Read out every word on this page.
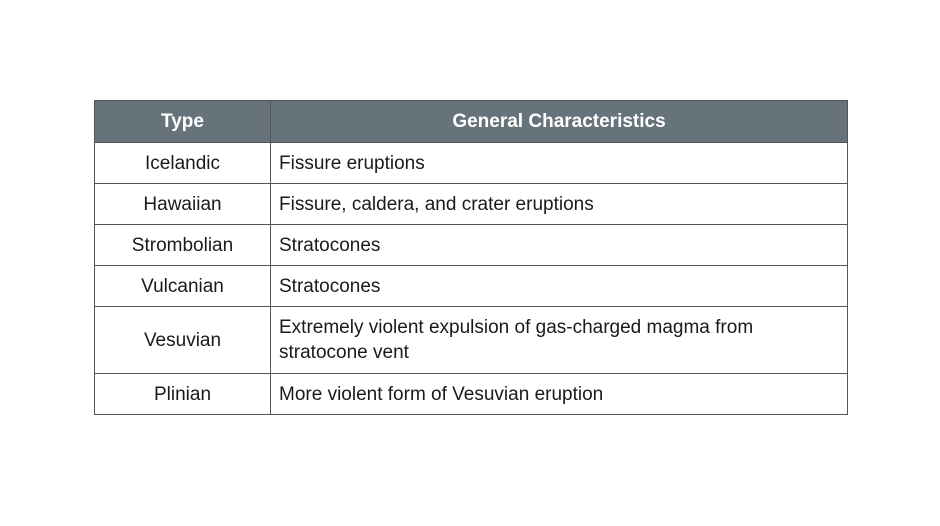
Type	General Characteristics
Icelandic	Fissure eruptions
Hawaiian	Fissure, caldera, and crater eruptions
Strombolian	Stratocones
Vulcanian	Stratocones
Vesuvian	Extremely violent expulsion of gas-charged magma from stratocone vent
Plinian	More violent form of Vesuvian eruption
